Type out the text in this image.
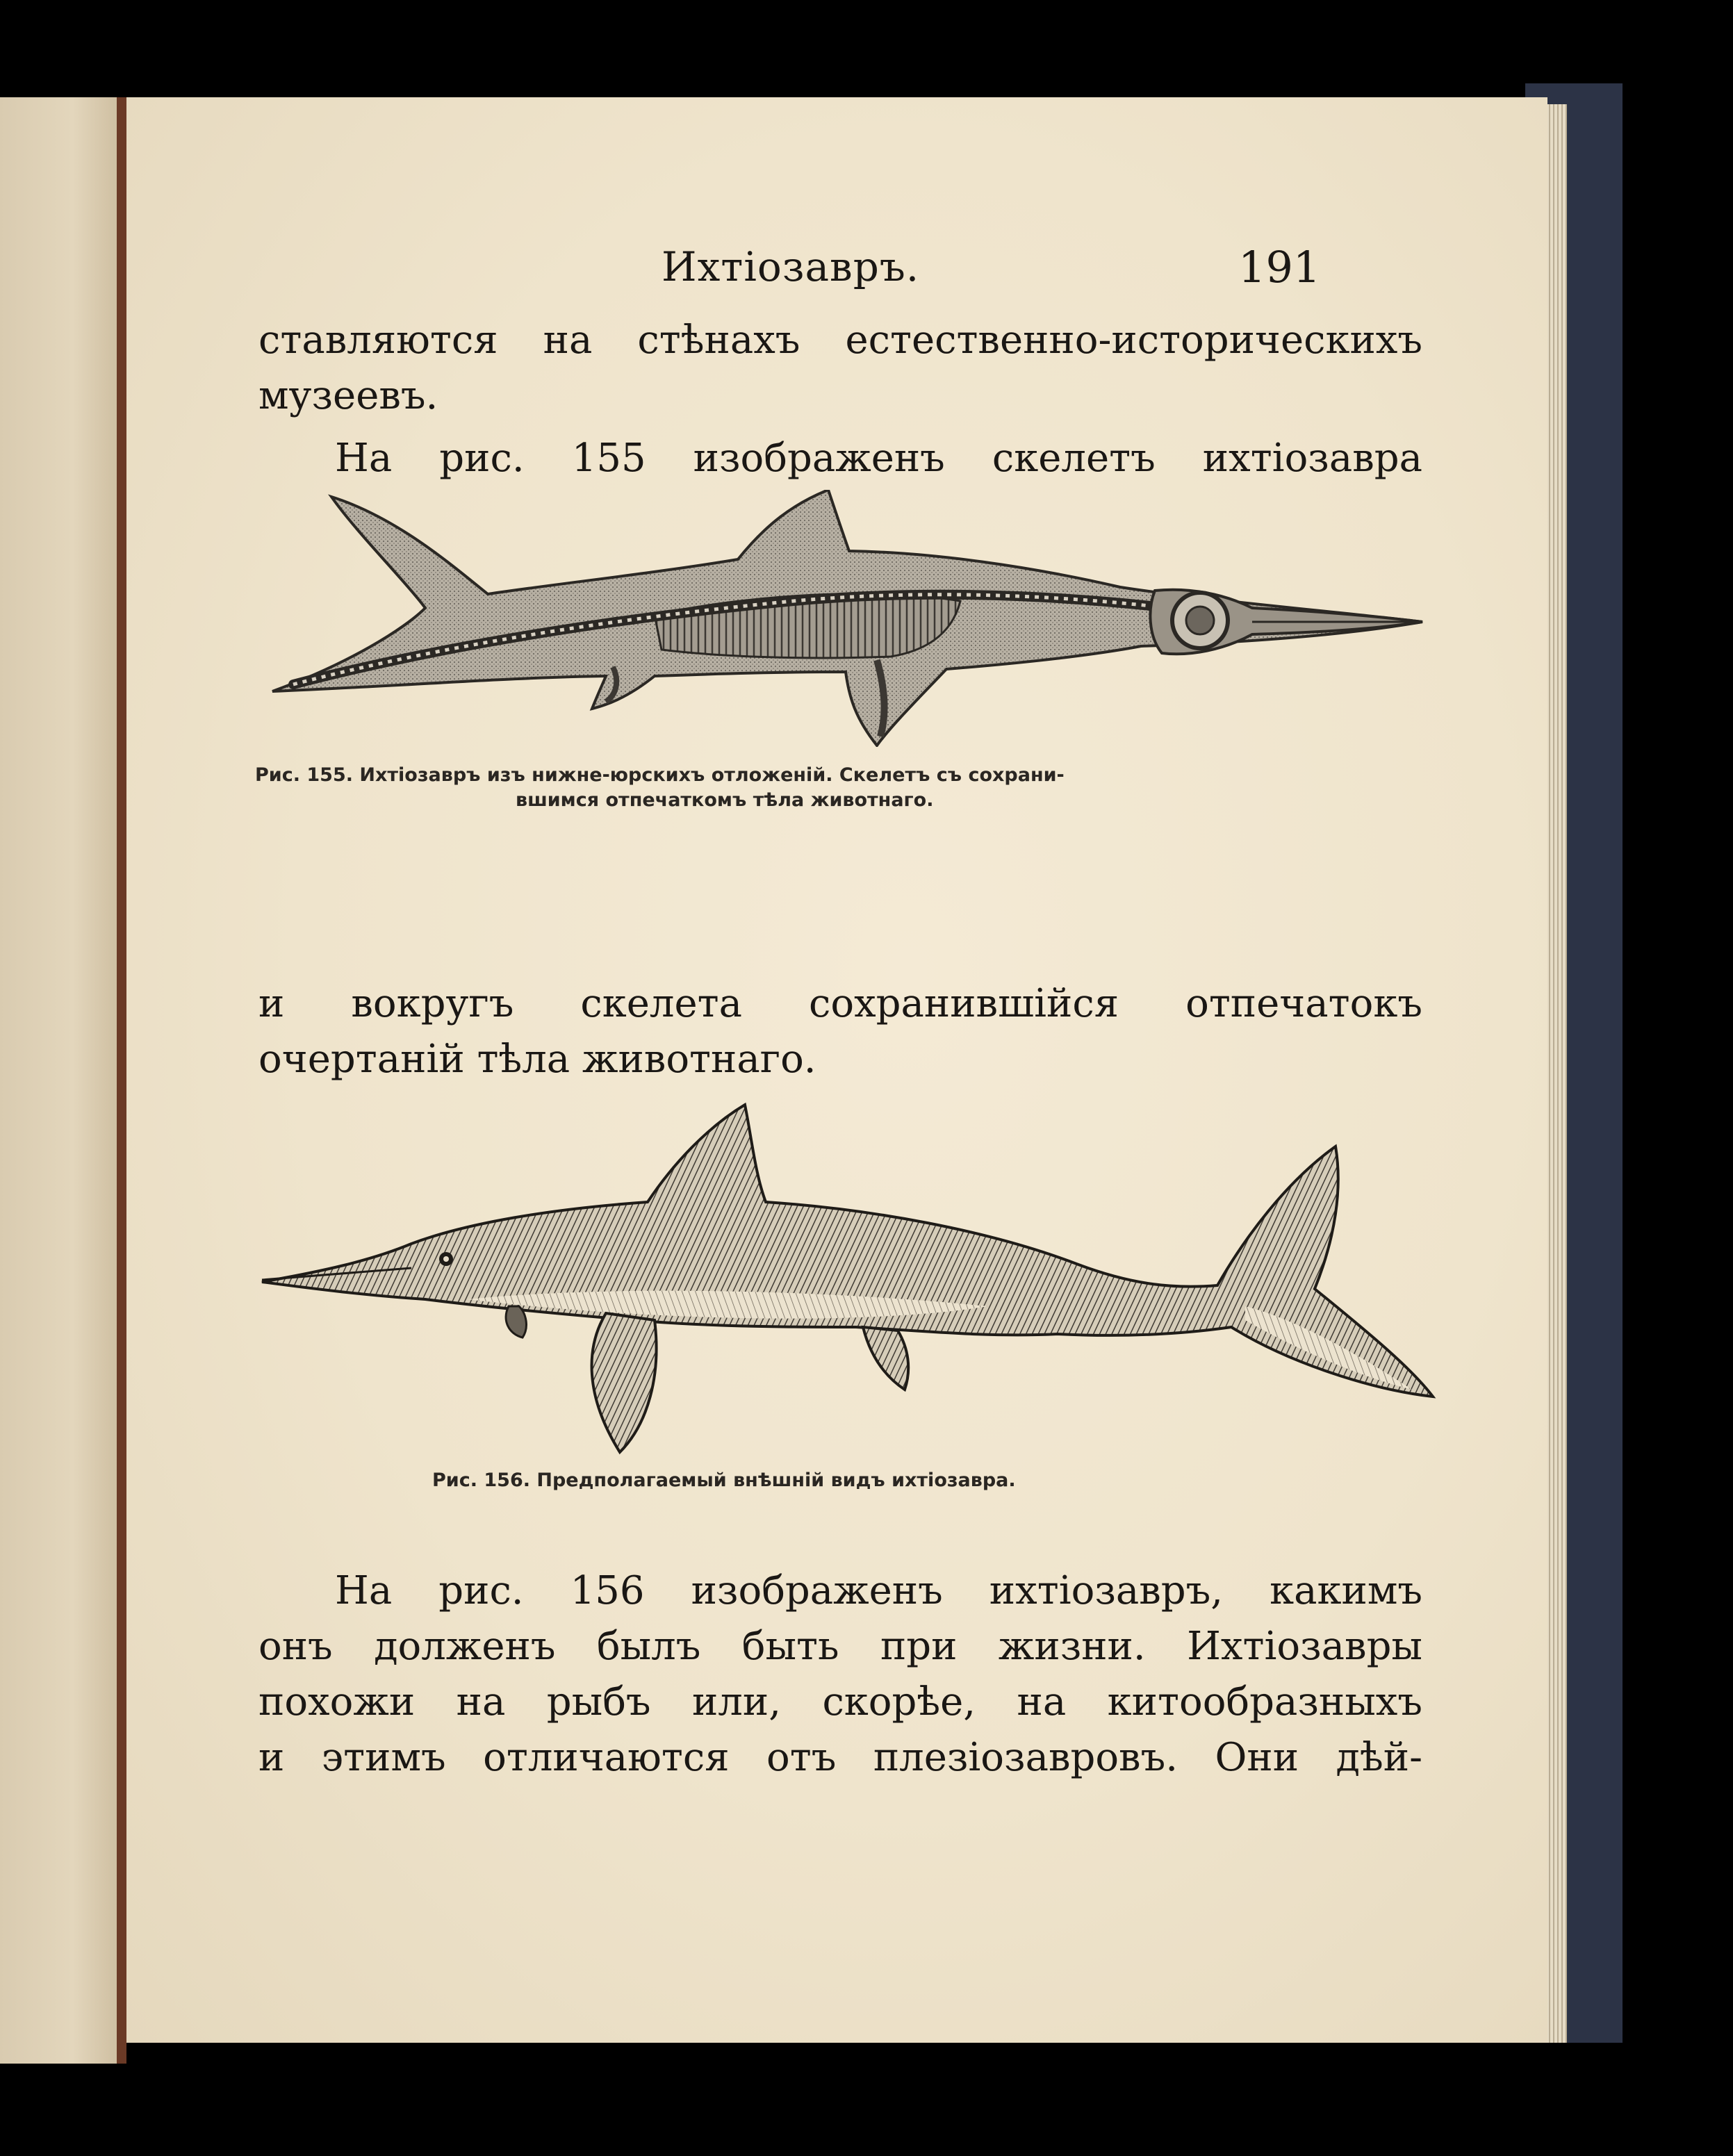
Ихтiозавръ.	191
ставляются на стѣнахъ естественно-историческихъ
музеевъ.
На рис. 155 изображенъ скелетъ ихтiозавра
Рис. 155. Ихтiозавръ изъ нижне-юрскихъ отложенiй. Скелетъ съ сохрани-
вшимся отпечаткомъ тѣла животнаго.
и вокругъ скелета сохранившiйся отпечатокъ
очертанiй тѣла животнаго.
Рис. 156. Предполагаемый внѣшнiй видъ ихтiозавра.
На рис. 156 изображенъ ихтiозавръ, какимъ
онъ долженъ былъ быть при жизни. Ихтiозавры
похожи на рыбъ или, скорѣе, на китообразныхъ
и этимъ отличаются отъ плезiозавровъ. Они дѣй-
